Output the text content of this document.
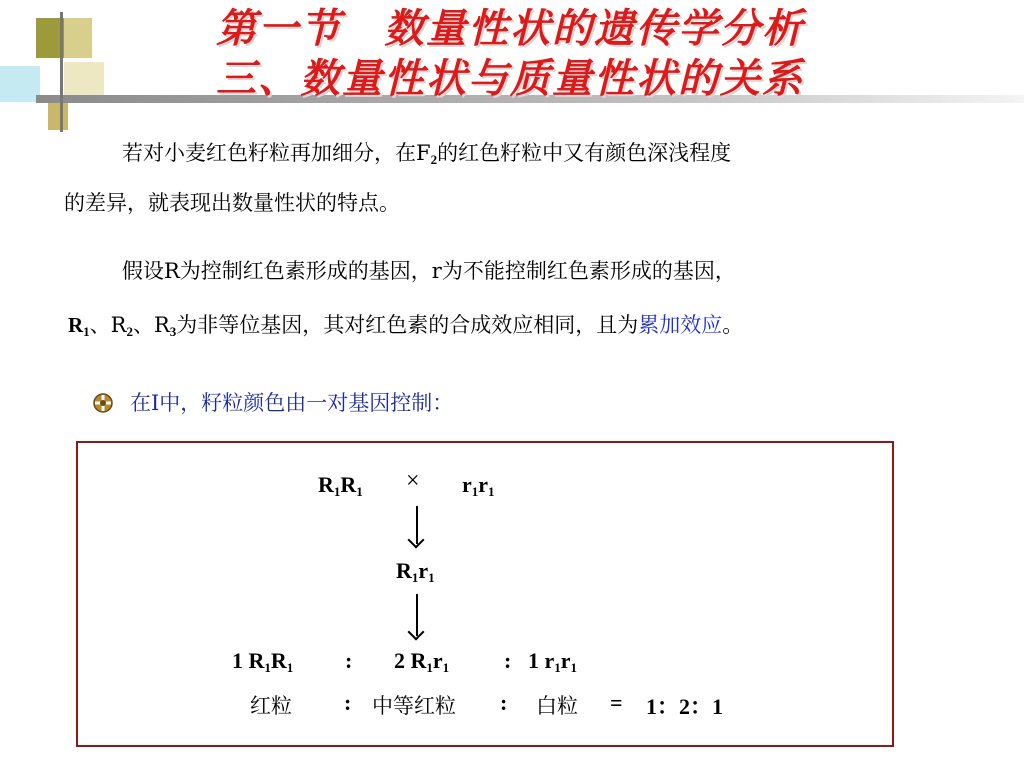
第一节　数量性状的遗传学分析
三、数量性状与质量性状的关系

若对小麦红色籽粒再加细分，在$F_2$的红色籽粒中又有颜色深浅程度

的差异，就表现出数量性状的特点。

假设R为控制红色素形成的基因，r为不能控制红色素形成的基因，

$R_1$、$R_2$、$R_3$为非等位基因，其对红色素的合成效应相同，且为累加效应。

在Ⅰ中，籽粒颜色由一对基因控制：

$R_1R_1 \times r_1r_1$
$R_1r_1$
1 $R_1R_1$ : 2 $R_1r_1$ : 1 $r_1r_1$
红粒 : 中等红粒 : 白粒 = 1：2：1
